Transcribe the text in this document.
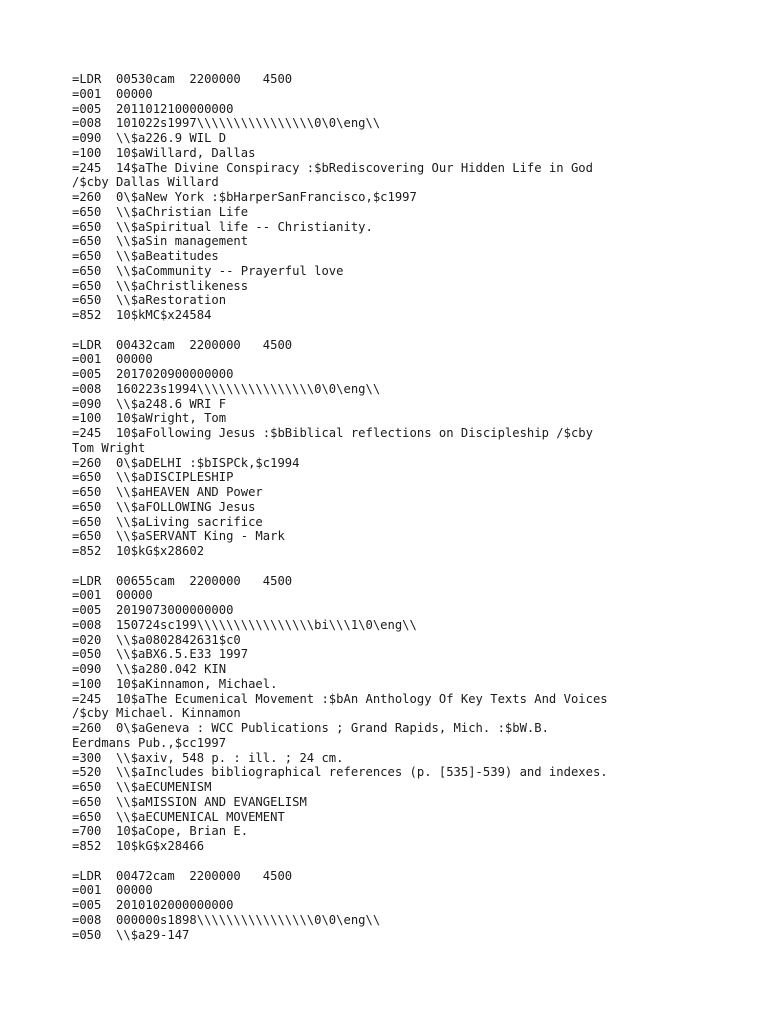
=LDR  00530cam  2200000   4500
=001  00000
=005  2011012100000000
=008  101022s1997\\\\\\\\\\\\\\\\0\0\eng\\
=090  \\$a226.9 WIL D
=100  10$aWillard, Dallas
=245  14$aThe Divine Conspiracy :$bRediscovering Our Hidden Life in God
/$cby Dallas Willard
=260  0\$aNew York :$bHarperSanFrancisco,$c1997
=650  \\$aChristian Life
=650  \\$aSpiritual life -- Christianity.
=650  \\$aSin management
=650  \\$aBeatitudes
=650  \\$aCommunity -- Prayerful love
=650  \\$aChristlikeness
=650  \\$aRestoration
=852  10$kMC$x24584
=LDR  00432cam  2200000   4500
=001  00000
=005  2017020900000000
=008  160223s1994\\\\\\\\\\\\\\\\0\0\eng\\
=090  \\$a248.6 WRI F
=100  10$aWright, Tom
=245  10$aFollowing Jesus :$bBiblical reflections on Discipleship /$cby
Tom Wright
=260  0\$aDELHI :$bISPCk,$c1994
=650  \\$aDISCIPLESHIP
=650  \\$aHEAVEN AND Power
=650  \\$aFOLLOWING Jesus
=650  \\$aLiving sacrifice
=650  \\$aSERVANT King - Mark
=852  10$kG$x28602
=LDR  00655cam  2200000   4500
=001  00000
=005  2019073000000000
=008  150724sc199\\\\\\\\\\\\\\\\bi\\\1\0\eng\\
=020  \\$a0802842631$c0
=050  \\$aBX6.5.E33 1997
=090  \\$a280.042 KIN
=100  10$aKinnamon, Michael.
=245  10$aThe Ecumenical Movement :$bAn Anthology Of Key Texts And Voices
/$cby Michael. Kinnamon
=260  0\$aGeneva : WCC Publications ; Grand Rapids, Mich. :$bW.B.
Eerdmans Pub.,$cc1997
=300  \\$axiv, 548 p. : ill. ; 24 cm.
=520  \\$aIncludes bibliographical references (p. [535]-539) and indexes.
=650  \\$aECUMENISM
=650  \\$aMISSION AND EVANGELISM
=650  \\$aECUMENICAL MOVEMENT
=700  10$aCope, Brian E.
=852  10$kG$x28466
=LDR  00472cam  2200000   4500
=001  00000
=005  2010102000000000
=008  000000s1898\\\\\\\\\\\\\\\\0\0\eng\\
=050  \\$a29-147
